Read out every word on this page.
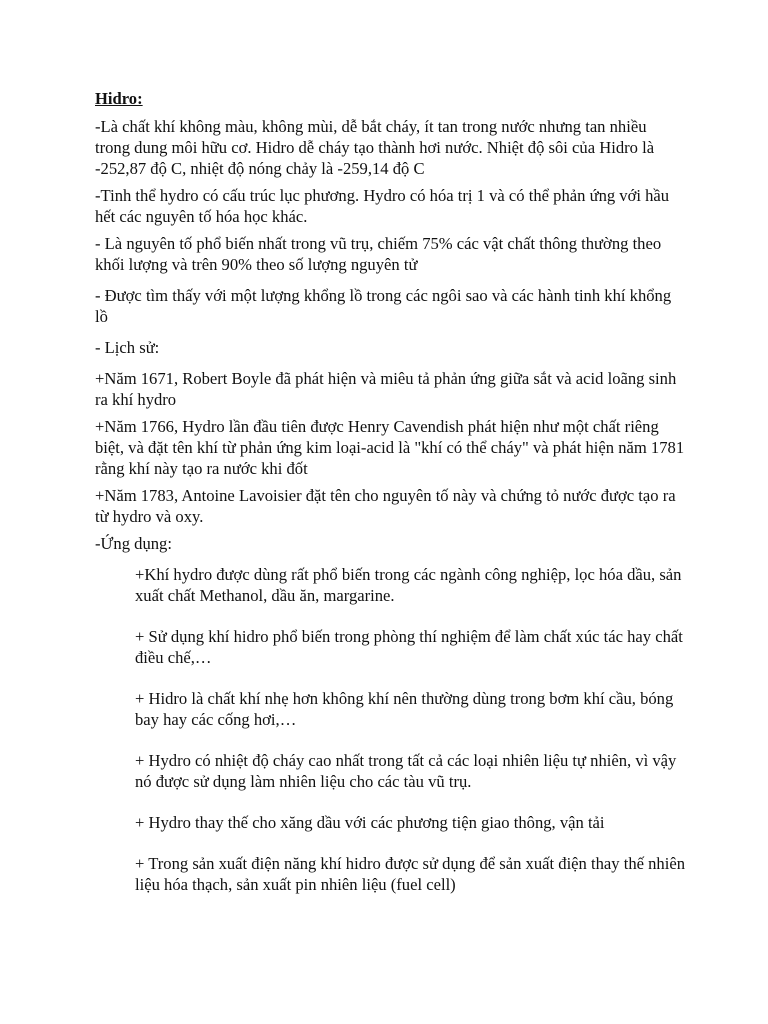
Hidro:
-Là chất khí không màu, không mùi, dễ bắt cháy, ít tan trong nước nhưng tan nhiều trong dung môi hữu cơ. Hidro dễ cháy tạo thành hơi nước. Nhiệt độ sôi của Hidro là -252,87 độ C, nhiệt độ nóng chảy là -259,14 độ C
-Tinh thể hydro có cấu trúc lục phương. Hydro có hóa trị 1 và có thể phản ứng với hầu hết các nguyên tố hóa học khác.
- Là nguyên tố phổ biến nhất trong vũ trụ, chiếm 75% các vật chất thông thường theo khối lượng và trên 90% theo số lượng nguyên tử
- Được tìm thấy với một lượng khổng lồ trong các ngôi sao và các hành tinh khí khổng lồ
- Lịch sử:
+Năm 1671, Robert Boyle đã phát hiện và miêu tả phản ứng giữa sắt và acid loãng sinh ra khí hydro
+Năm 1766, Hydro lần đầu tiên được Henry Cavendish phát hiện như một chất riêng biệt, và đặt tên khí từ phản ứng kim loại-acid là "khí có thể cháy" và phát hiện năm 1781 rằng khí này tạo ra nước khi đốt
+Năm 1783, Antoine Lavoisier đặt tên cho nguyên tố này và chứng tỏ nước được tạo ra từ hydro và oxy.
-Ứng dụng:
+Khí hydro được dùng rất phổ biến trong các ngành công nghiệp, lọc hóa dầu, sản xuất chất Methanol, dầu ăn, margarine.
+ Sử dụng khí hidro phổ biến trong phòng thí nghiệm để làm chất xúc tác hay chất điều chế,…
+ Hidro là chất khí nhẹ hơn không khí nên thường dùng trong bơm khí cầu, bóng bay hay các cống hơi,…
+ Hydro có nhiệt độ cháy cao nhất trong tất cả các loại nhiên liệu tự nhiên, vì vậy nó được sử dụng làm nhiên liệu cho các tàu vũ trụ.
+ Hydro thay thế cho xăng dầu với các phương tiện giao thông, vận tải
+ Trong sản xuất điện năng khí hidro được sử dụng để sản xuất điện thay thế nhiên liệu hóa thạch, sản xuất pin nhiên liệu (fuel cell)
